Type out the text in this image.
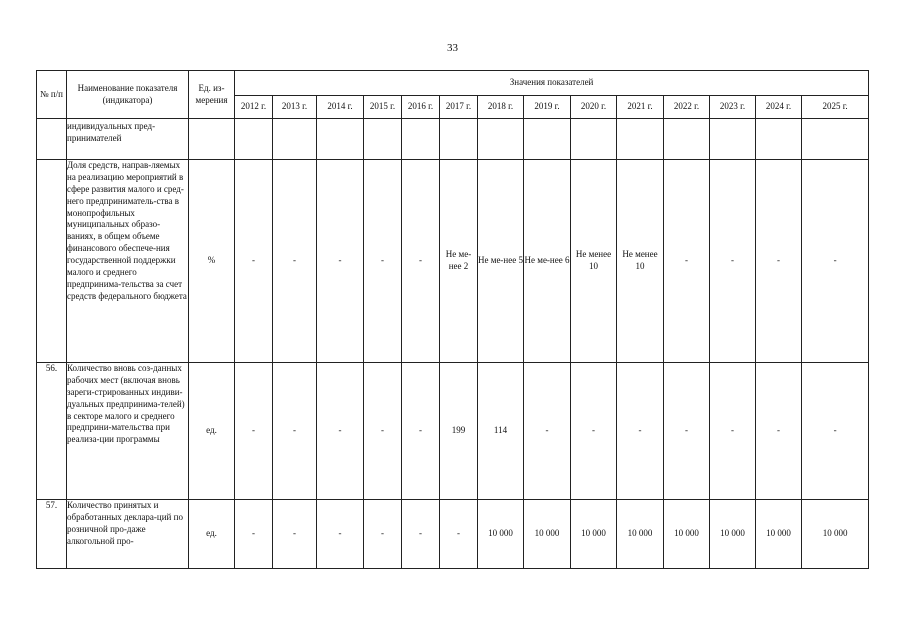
33
№ п/п	Наименование показателя (индикатора)	Ед. из-мерения	Значения показателей													
			2012 г.	2013 г.	2014 г.	2015 г.	2016 г.	2017 г.	2018 г.	2019 г.	2020 г.	2021 г.	2022 г.	2023 г.	2024 г.	2025 г.
	индивидуальных пред-принимателей															
	Доля средств, направ-ляемых на реализацию мероприятий в сфере развития малого и сред-него предприниматель-ства в монопрофильных муниципальных образо-ваниях, в общем объеме финансового обеспече-ния государственной поддержки малого и среднего предпринима-тельства за счет средств федерального бюджета	%	-	-	-	-	-	Не ме-нее 2	Не ме-нее 5	Не ме-нее 6	Не менее 10	Не менее 10	-	-	-	-
56.	Количество вновь соз-данных рабочих мест (включая вновь зареги-стрированных индиви-дуальных предпринима-телей) в секторе малого и среднего предприни-мательства при реализа-ции программы	ед.	-	-	-	-	-	199	114	-	-	-	-	-	-	-
57.	Количество принятых и обработанных деклара-ций по розничной про-даже алкогольной про-	ед.	-	-	-	-	-	-	10 000	10 000	10 000	10 000	10 000	10 000	10 000	10 000
